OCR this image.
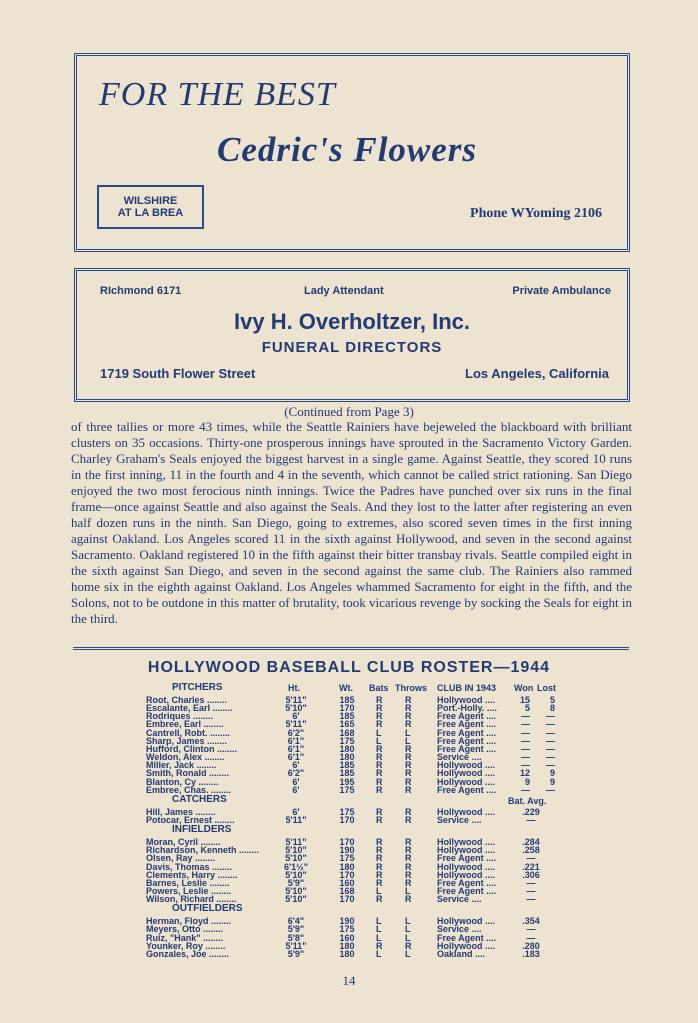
FOR THE BEST
Cedric's Flowers
WILSHIRE
AT LA BREA	Phone WYoming 2106
RIchmond 6171	Lady Attendant	Private Ambulance
Ivy H. Overholtzer, Inc.
FUNERAL DIRECTORS
1719 South Flower Street	Los Angeles, California
(Continued from Page 3)

of three tallies or more 43 times, while the Seattle Rainiers have bejeweled the blackboard with brilliant clusters on 35 occasions. Thirty-one prosperous innings have sprouted in the Sacramento Victory Garden. Charley Graham's Seals enjoyed the biggest harvest in a single game. Against Seattle, they scored 10 runs in the first inning, 11 in the fourth and 4 in the seventh, which cannot be called strict rationing. San Diego enjoyed the two most ferocious ninth innings. Twice the Padres have punched over six runs in the final frame—once against Seattle and also against the Seals. And they lost to the latter after registering an even half dozen runs in the ninth. San Diego, going to extremes, also scored seven times in the first inning against Oakland. Los Angeles scored 11 in the sixth against Hollywood, and seven in the second against Sacramento. Oakland registered 10 in the fifth against their bitter transbay rivals. Seattle compiled eight in the sixth against San Diego, and seven in the second against the same club. The Rainiers also rammed home six in the eighth against Oakland. Los Angeles whammed Sacramento for eight in the fifth, and the Solons, not to be outdone in this matter of brutality, took vicarious revenge by socking the Seals for eight in the third.

HOLLYWOOD BASEBALL CLUB ROSTER—1944
Ht.	Wt. Bats Throws CLUB IN 1943 Won Lost
PITCHERS
Root, Charles ........	5'11"	185	R	R	Hollywood ....	15	5
Escalante, Earl ........	5'10"	170	R	R	Port.-Holly. ....	5	8
Rodriques ........	6'	185	R	R	Free Agent ....	—	—
Embree, Earl ........	5'11"	165	R	R	Free Agent ....	—	—
Cantrell, Robt. ........	6'2"	168	L	L	Free Agent ....	—	—
Sharp, James ........	6'1"	175	L	L	Free Agent ....	—	—
Hufford, Clinton ........	6'1"	180	R	R	Free Agent ....	—	—
Weldon, Alex ........	6'1"	180	R	R	Service ....	—	—
Miller, Jack ........	6'	185	R	R	Hollywood ....	—	—
Smith, Ronald ........	6'2"	185	R	R	Hollywood ....	12	9
Blanton, Cy ........	6'	195	R	R	Hollywood ....	9	9
Embree, Chas. ........	6'	175	R	R	Free Agent ....	—	—
CATCHERS	Bat. Avg.
Hill, James ........	6'	175	R	R	Hollywood ....	.229
Potocar, Ernest ........	5'11"	170	R	R	Service ....	—
INFIELDERS
Moran, Cyril ........	5'11"	170	R	R	Hollywood ....	.284
Richardson, Kenneth ........	5'10"	190	R	R	Hollywood ....	.258
Olsen, Ray ........	5'10"	175	R	R	Free Agent ....	—
Davis, Thomas ........	6'1½"	180	R	R	Hollywood ....	.221
Clements, Harry ........	5'10"	170	R	R	Hollywood ....	.306
Barnes, Leslie ........	5'9"	160	R	R	Free Agent ....	—
Powers, Leslie ........	5'10"	168	L	L	Free Agent ....	—
Wilson, Richard ........	5'10"	170	R	R	Service ....	—
OUTFIELDERS
Herman, Floyd ........	6'4"	190	L	L	Hollywood ....	.354
Meyers, Otto ........	5'9"	175	L	L	Service ....	—
Ruiz, "Hank" ........	5'8"	160	L	L	Free Agent ....	—
Younker, Roy ........	5'11"	180	R	R	Hollywood ....	.280
Gonzales, Joe ........	5'9"	180	L	L	Oakland ....	.183
14
